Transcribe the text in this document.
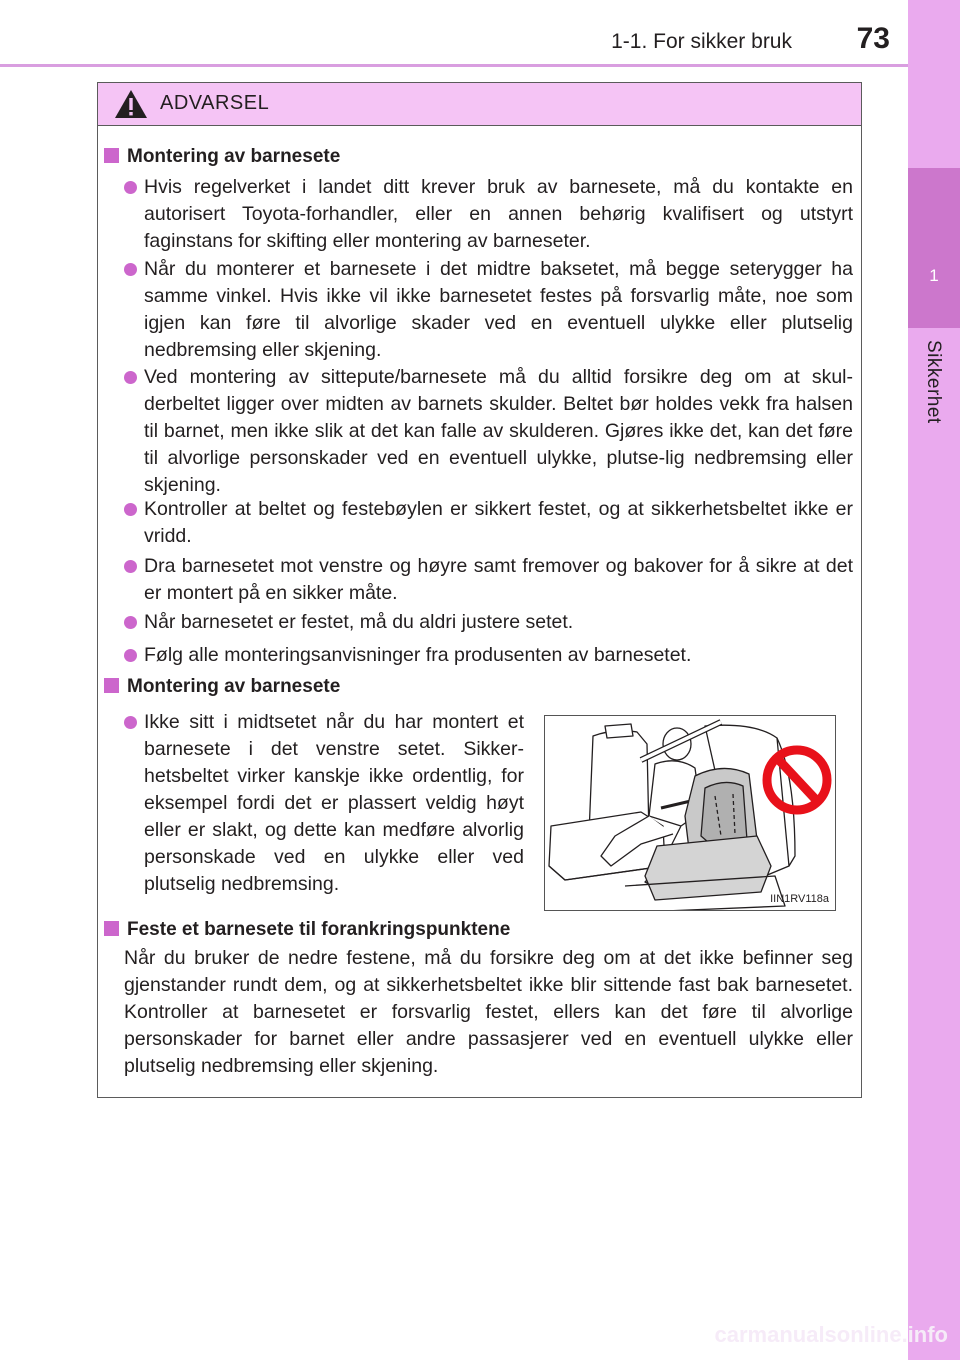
1-1. For sikker bruk 73
1
Sikkerhet
carmanualsonline.info
ADVARSEL
Montering av barnesete
Hvis regelverket i landet ditt krever bruk av barnesete, må du kontakte en autorisert Toyota-forhandler, eller en annen behørig kvalifisert og utstyrt faginstans for skifting eller montering av barneseter.
Når du monterer et barnesete i det midtre baksetet, må begge seterygger ha samme vinkel. Hvis ikke vil ikke barnesetet festes på forsvarlig måte, noe som igjen kan føre til alvorlige skader ved en eventuell ulykke eller plutselig nedbremsing eller skjening.
Ved montering av sittepute/barnesete må du alltid forsikre deg om at skul-derbeltet ligger over midten av barnets skulder. Beltet bør holdes vekk fra halsen til barnet, men ikke slik at det kan falle av skulderen. Gjøres ikke det, kan det føre til alvorlige personskader ved en eventuell ulykke, plutse-lig nedbremsing eller skjening.
Kontroller at beltet og festebøylen er sikkert festet, og at sikkerhetsbeltet ikke er vridd.
Dra barnesetet mot venstre og høyre samt fremover og bakover for å sikre at det er montert på en sikker måte.
Når barnesetet er festet, må du aldri justere setet.
Følg alle monteringsanvisninger fra produsenten av barnesetet.
Montering av barnesete
Ikke sitt i midtsetet når du har montert et barnesete i det venstre setet. Sikker-hetsbeltet virker kanskje ikke ordentlig, for eksempel fordi det er plassert veldig høyt eller er slakt, og dette kan medføre alvorlig personskade ved en ulykke eller ved plutselig nedbremsing.
IIN1RV118a
Feste et barnesete til forankringspunktene
Når du bruker de nedre festene, må du forsikre deg om at det ikke befinner seg gjenstander rundt dem, og at sikkerhetsbeltet ikke blir sittende fast bak barnesetet. Kontroller at barnesetet er forsvarlig festet, ellers kan det føre til alvorlige personskader for barnet eller andre passasjerer ved en eventuell ulykke eller plutselig nedbremsing eller skjening.
